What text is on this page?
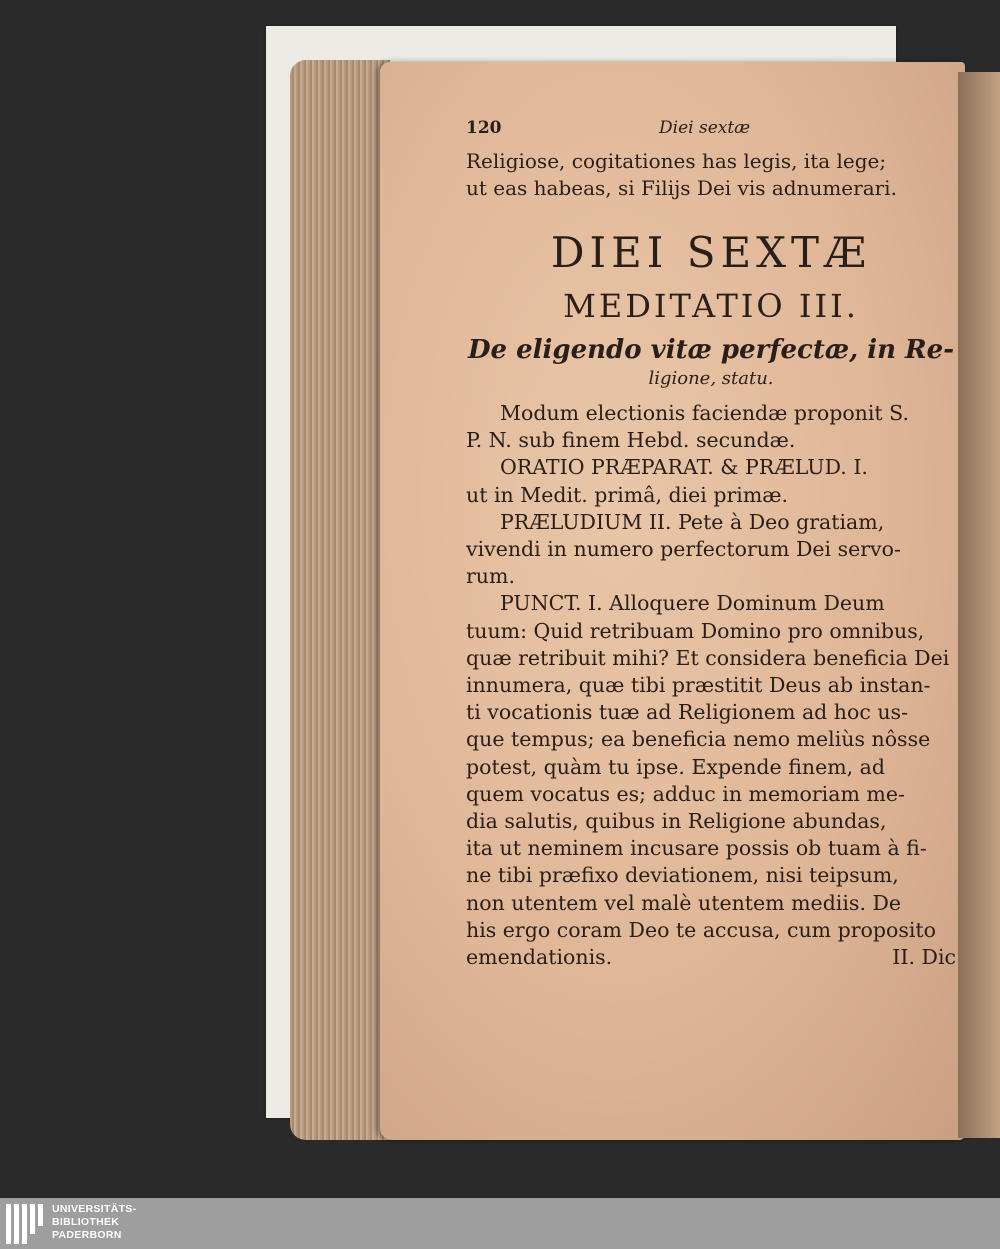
120	Diei sextæ
Religiose, cogitationes has legis, ita lege;
ut eas habeas, si Filijs Dei vis adnumerari.
DIEI SEXTÆ
MEDITATIO III.
De eligendo vitæ perfectæ, in Re-
ligione, statu.
Modum electionis faciendæ proponit S.
P. N. sub finem Hebd. secundæ.
ORATIO PRÆPARAT. & PRÆLUD. I.
ut in Medit. primâ, diei primæ.
PRÆLUDIUM II. Pete à Deo gratiam,
vivendi in numero perfectorum Dei servo-
rum.
PUNCT. I. Alloquere Dominum Deum
tuum: Quid retribuam Domino pro omnibus,
quæ retribuit mihi? Et considera beneficia Dei
innumera, quæ tibi præstitit Deus ab instan-
ti vocationis tuæ ad Religionem ad hoc us-
que tempus; ea beneficia nemo meliùs nôsse
potest, quàm tu ipse. Expende finem, ad
quem vocatus es; adduc in memoriam me-
dia salutis, quibus in Religione abundas,
ita ut neminem incusare possis ob tuam à fi-
ne tibi præfixo deviationem, nisi teipsum,
non utentem vel malè utentem mediis. De
his ergo coram Deo te accusa, cum proposito
emendationis.	II. Dic
UNIVERSITÄTS-
BIBLIOTHEK
PADERBORN
